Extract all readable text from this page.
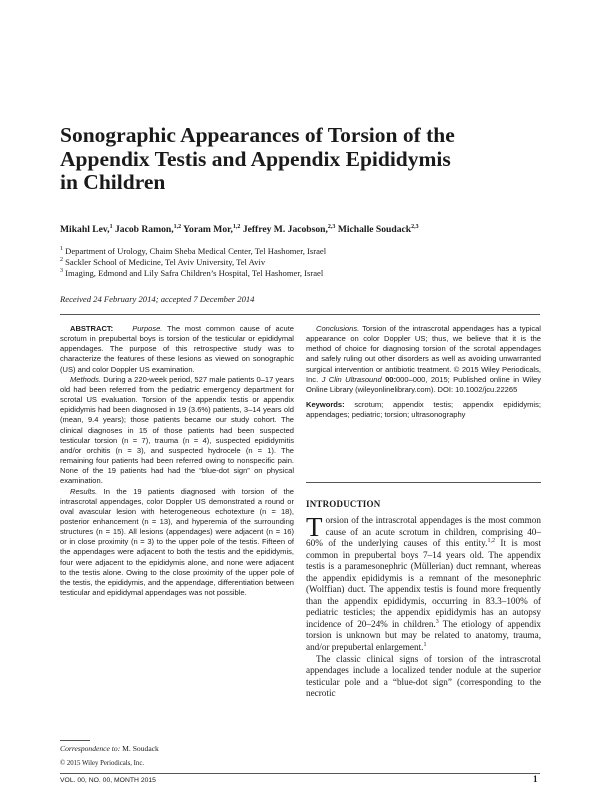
Sonographic Appearances of Torsion of the
Appendix Testis and Appendix Epididymis
in Children
Mikahl Lev,$^1$ Jacob Ramon,$^{1,2}$ Yoram Mor,$^{1,2}$ Jeffrey M. Jacobson,$^{2,3}$ Michalle Soudack$^{2,3}$
$^1$ Department of Urology, Chaim Sheba Medical Center, Tel Hashomer, Israel
$^2$ Sackler School of Medicine, Tel Aviv University, Tel Aviv
$^3$ Imaging, Edmond and Lily Safra Children’s Hospital, Tel Hashomer, Israel
Received 24 February 2014; accepted 7 December 2014

ABSTRACT:	Purpose. The most common cause of acute scrotum in prepubertal boys is torsion of the testicular or epididymal appendages. The purpose of this retrospective study was to characterize the features of these lesions as viewed on sonographic (US) and color Doppler US examination.

Methods. During a 220-week period, 527 male patients 0–17 years old had been referred from the pediatric emergency department for scrotal US evaluation. Torsion of the appendix testis or appendix epididymis had been diagnosed in 19 (3.6%) patients, 3–14 years old (mean, 9.4 years); those patients became our study cohort. The clinical diagnoses in 15 of those patients had been suspected testicular torsion (n = 7), trauma (n = 4), suspected epididymitis and/or orchitis (n = 3), and suspected hydrocele (n = 1). The remaining four patients had been referred owing to nonspecific pain. None of the 19 patients had had the “blue-dot sign” on physical examination.

Results. In the 19 patients diagnosed with torsion of the intrascrotal appendages, color Doppler US demonstrated a round or oval avascular lesion with heterogeneous echotexture (n = 18), posterior enhancement (n = 13), and hyperemia of the surrounding structures (n = 15). All lesions (appendages) were adjacent (n = 16) or in close proximity (n = 3) to the upper pole of the testis. Fifteen of the appendages were adjacent to both the testis and the epididymis, four were adjacent to the epididymis alone, and none were adjacent to the testis alone. Owing to the close proximity of the upper pole of the testis, the epididymis, and the appendage, differentiation between testicular and epididymal appendages was not possible.

Conclusions. Torsion of the intrascrotal appendages has a typical appearance on color Doppler US; thus, we believe that it is the method of choice for diagnosing torsion of the scrotal appendages and safely ruling out other disorders as well as avoiding unwarranted surgical intervention or antibiotic treatment. © 2015 Wiley Periodicals, Inc. J Clin Ultrasound 00:000–000, 2015; Published online in Wiley Online Library (wileyonlinelibrary.com). DOI: 10.1002/jcu.22265

Keywords: scrotum; appendix testis; appendix epididymis; appendages; pediatric; torsion; ultrasonography

INTRODUCTION

Torsion of the intrascrotal appendages is the most common cause of an acute scrotum in children, comprising 40–60% of the underlying causes of this entity.$^{1,2}$ It is most common in prepubertal boys 7–14 years old. The appendix testis is a paramesonephric (Müllerian) duct remnant, whereas the appendix epididymis is a remnant of the mesonephric (Wolffian) duct. The appendix testis is found more frequently than the appendix epididymis, occurring in 83.3–100% of pediatric testicles; the appendix epididymis has an autopsy incidence of 20–24% in children.$^3$ The etiology of appendix torsion is unknown but may be related to anatomy, trauma, and/or prepubertal enlargement.$^1$

The classic clinical signs of torsion of the intrascrotal appendages include a localized tender nodule at the superior testicular pole and a “blue-dot sign” (corresponding to the necrotic

Correspondence to: M. Soudack
© 2015 Wiley Periodicals, Inc.
VOL. 00, NO. 00, MONTH 2015	1
